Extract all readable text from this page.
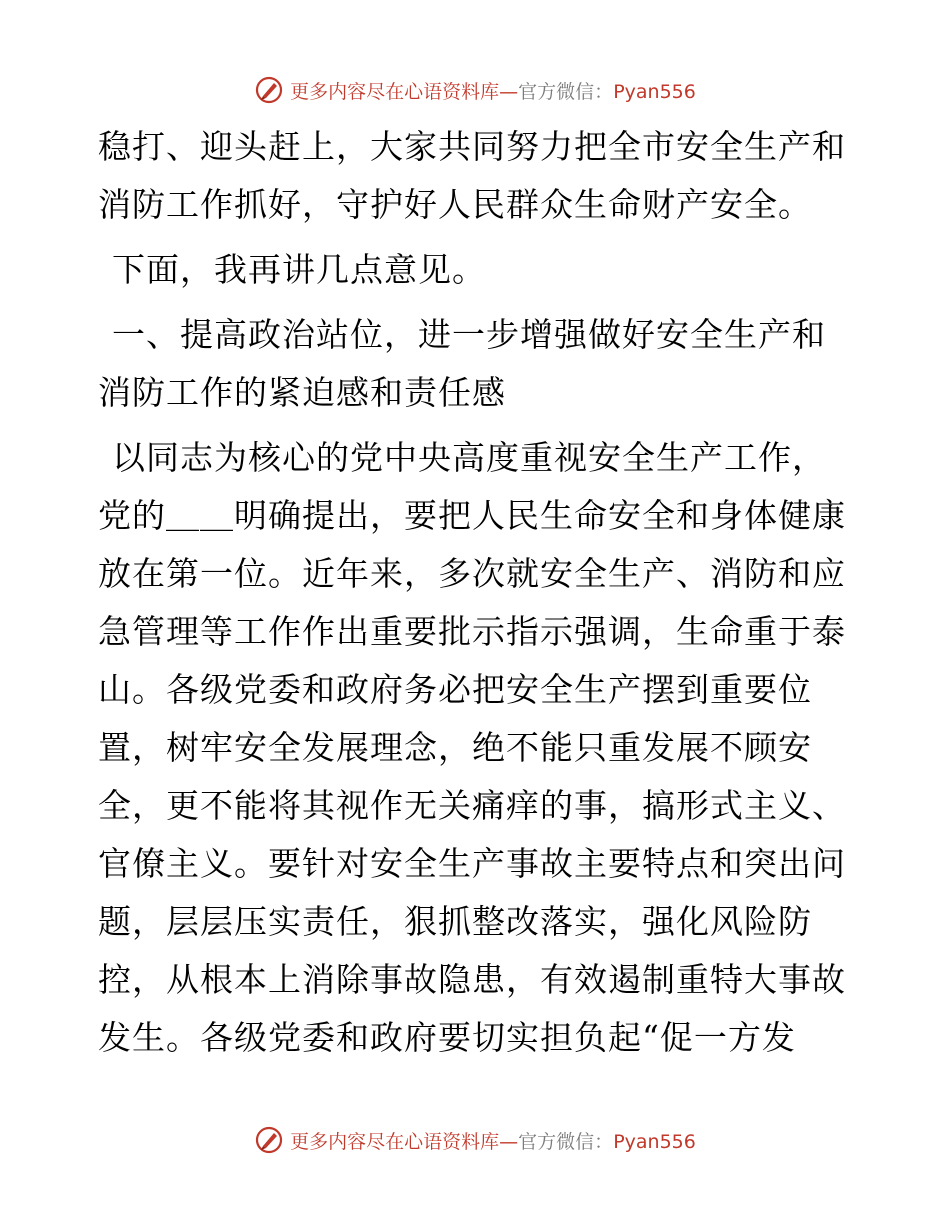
更多内容尽在心语资料库—官方微信：Pyan556
稳打、迎头赶上，大家共同努力把全市安全生产和
消防工作抓好，守护好人民群众生命财产安全。
下面，我再讲几点意见。
一、提高政治站位，进一步增强做好安全生产和
消防工作的紧迫感和责任感
以同志为核心的党中央高度重视安全生产工作，
党的＿＿明确提出，要把人民生命安全和身体健康
放在第一位。近年来，多次就安全生产、消防和应
急管理等工作作出重要批示指示强调，生命重于泰
山。各级党委和政府务必把安全生产摆到重要位
置，树牢安全发展理念，绝不能只重发展不顾安
全，更不能将其视作无关痛痒的事，搞形式主义、
官僚主义。要针对安全生产事故主要特点和突出问
题，层层压实责任，狠抓整改落实，强化风险防
控，从根本上消除事故隐患，有效遏制重特大事故
发生。各级党委和政府要切实担负起“促一方发
更多内容尽在心语资料库—官方微信：Pyan556
